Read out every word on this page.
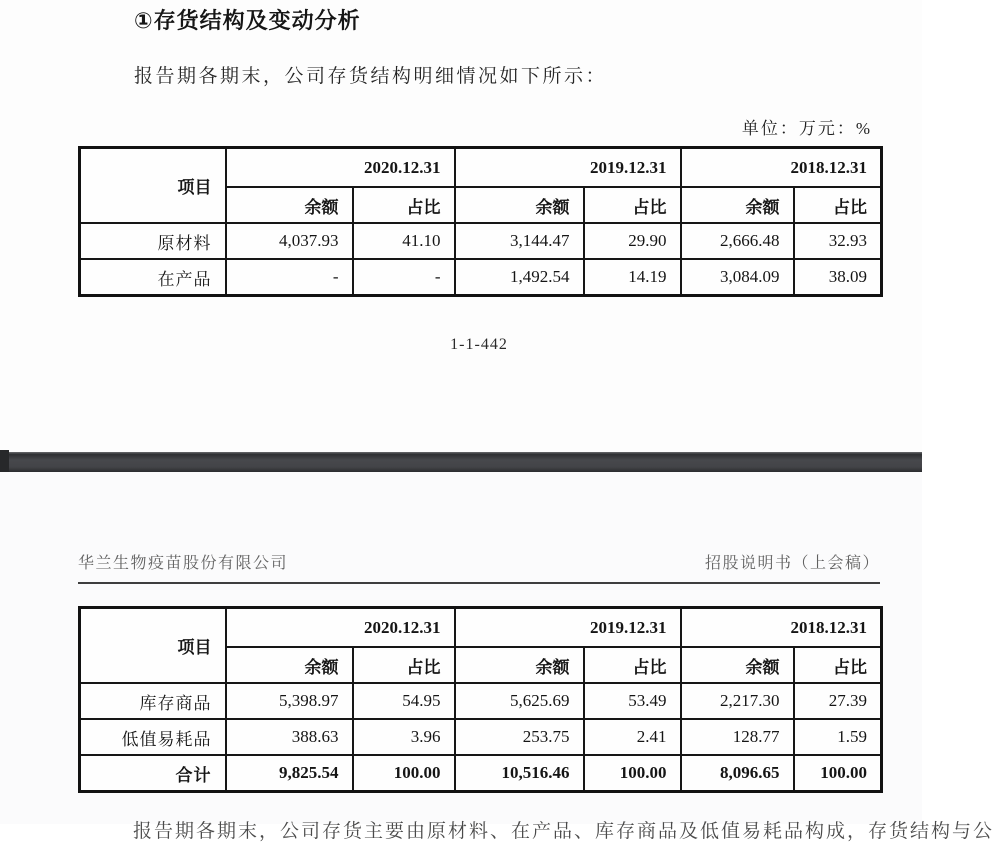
①存货结构及变动分析

报告期各期末，公司存货结构明细情况如下所示：

单位：万元：%
项目	2020.12.31		2019.12.31		2018.12.31	
	余额	占比	余额	占比	余额	占比
原材料	4,037.93	41.10	3,144.47	29.90	2,666.48	32.93
在产品	-	-	1,492.54	14.19	3,084.09	38.09
1-1-442
华兰生物疫苗股份有限公司	招股说明书（上会稿）
项目	2020.12.31		2019.12.31		2018.12.31	
	余额	占比	余额	占比	余额	占比
库存商品	5,398.97	54.95	5,625.69	53.49	2,217.30	27.39
低值易耗品	388.63	3.96	253.75	2.41	128.77	1.59
合计	9,825.54	100.00	10,516.46	100.00	8,096.65	100.00
报告期各期末，公司存货主要由原材料、在产品、库存商品及低值易耗品构成，存货结构与公
